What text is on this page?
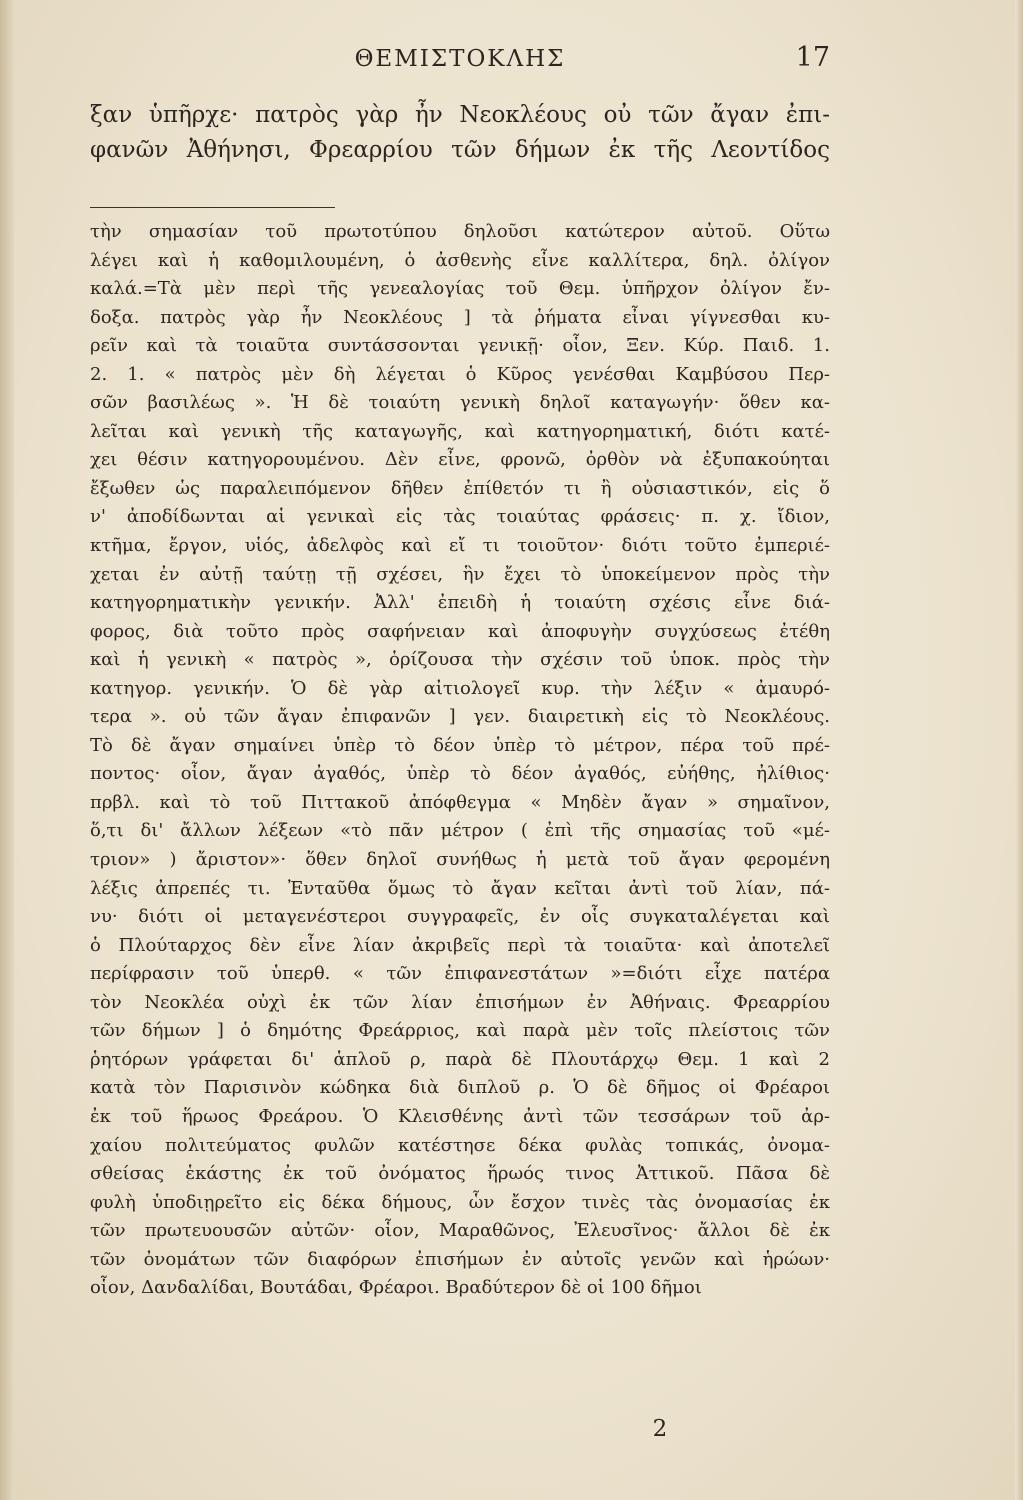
ΘΕΜΙΣΤΟΚΛΗΣ	17
ξαν ὑπῆρχε· πατρὸς γὰρ ἦν Νεοκλέους οὐ τῶν ἄγαν ἐπι-
φανῶν Ἀθήνησι, Φρεαρρίου τῶν δήμων ἐκ τῆς Λεοντίδος
τὴν σημασίαν τοῦ πρωτοτύπου δηλοῦσι κατώτερον αὐτοῦ. Οὕτω
λέγει καὶ ἡ καθομιλουμένη, ὁ ἀσθενὴς εἶνε καλλίτερα, δηλ. ὀλίγον
καλά.=Τὰ μὲν περὶ τῆς γενεαλογίας τοῦ Θεμ. ὑπῆρχον ὀλίγον ἔν-
δοξα. πατρὸς γὰρ ἦν Νεοκλέους ] τὰ ῥήματα εἶναι γίγνεσθαι κυ-
ρεῖν καὶ τὰ τοιαῦτα συντάσσονται γενικῇ· οἷον, Ξεν. Κύρ. Παιδ. 1.
2. 1. « πατρὸς μὲν δὴ λέγεται ὁ Κῦρος γενέσθαι Καμβύσου Περ-
σῶν βασιλέως ». Ἡ δὲ τοιαύτη γενικὴ δηλοῖ καταγωγήν· ὅθεν κα-
λεῖται καὶ γενικὴ τῆς καταγωγῆς, καὶ κατηγορηματική, διότι κατέ-
χει θέσιν κατηγορουμένου. Δὲν εἶνε, φρονῶ, ὀρθὸν νὰ ἐξυπακούηται
ἔξωθεν ὡς παραλειπόμενον δῆθεν ἐπίθετόν τι ἢ οὐσιαστικόν, εἰς ὅ
ν' ἀποδίδωνται αἱ γενικαὶ εἰς τὰς τοιαύτας φράσεις· π. χ. ἴδιον,
κτῆμα, ἔργον, υἱός, ἀδελφὸς καὶ εἴ τι τοιοῦτον· διότι τοῦτο ἐμπεριέ-
χεται ἐν αὐτῇ ταύτῃ τῇ σχέσει, ἣν ἔχει τὸ ὑποκείμενον πρὸς τὴν
κατηγορηματικὴν γενικήν. Ἀλλ' ἐπειδὴ ἡ τοιαύτη σχέσις εἶνε διά-
φορος, διὰ τοῦτο πρὸς σαφήνειαν καὶ ἀποφυγὴν συγχύσεως ἐτέθη
καὶ ἡ γενικὴ « πατρὸς », ὁρίζουσα τὴν σχέσιν τοῦ ὑποκ. πρὸς τὴν
κατηγορ. γενικήν. Ὁ δὲ γὰρ αἰτιολογεῖ κυρ. τὴν λέξιν « ἀμαυρό-
τερα ». οὐ τῶν ἄγαν ἐπιφανῶν ] γεν. διαιρετικὴ εἰς τὸ Νεοκλέους.
Τὸ δὲ ἄγαν σημαίνει ὑπὲρ τὸ δέον ὑπὲρ τὸ μέτρον, πέρα τοῦ πρέ-
ποντος· οἷον, ἄγαν ἀγαθός, ὑπὲρ τὸ δέον ἀγαθός, εὐήθης, ἠλίθιος·
πρβλ. καὶ τὸ τοῦ Πιττακοῦ ἀπόφθεγμα « Μηδὲν ἄγαν » σημαῖνον,
ὅ,τι δι' ἄλλων λέξεων «τὸ πᾶν μέτρον ( ἐπὶ τῆς σημασίας τοῦ «μέ-
τριον» ) ἄριστον»· ὅθεν δηλοῖ συνήθως ἡ μετὰ τοῦ ἄγαν φερομένη
λέξις ἀπρεπές τι. Ἐνταῦθα ὅμως τὸ ἄγαν κεῖται ἀντὶ τοῦ λίαν, πά-
νυ· διότι οἱ μεταγενέστεροι συγγραφεῖς, ἐν οἷς συγκαταλέγεται καὶ
ὁ Πλούταρχος δὲν εἶνε λίαν ἀκριβεῖς περὶ τὰ τοιαῦτα· καὶ ἀποτελεῖ
περίφρασιν τοῦ ὑπερθ. « τῶν ἐπιφανεστάτων »=διότι εἶχε πατέρα
τὸν Νεοκλέα οὐχὶ ἐκ τῶν λίαν ἐπισήμων ἐν Ἀθήναις. Φρεαρρίου
τῶν δήμων ] ὁ δημότης Φρεάρριος, καὶ παρὰ μὲν τοῖς πλείστοις τῶν
ῥητόρων γράφεται δι' ἁπλοῦ ρ, παρὰ δὲ Πλουτάρχῳ Θεμ. 1 καὶ 2
κατὰ τὸν Παρισινὸν κώδηκα διὰ διπλοῦ ρ. Ὁ δὲ δῆμος οἱ Φρέαροι
ἐκ τοῦ ἥρωος Φρεάρου. Ὁ Κλεισθένης ἀντὶ τῶν τεσσάρων τοῦ ἀρ-
χαίου πολιτεύματος φυλῶν κατέστησε δέκα φυλὰς τοπικάς, ὀνομα-
σθείσας ἑκάστης ἐκ τοῦ ὀνόματος ἥρωός τινος Ἀττικοῦ. Πᾶσα δὲ
φυλὴ ὑποδιῃρεῖτο εἰς δέκα δήμους, ὧν ἔσχον τινὲς τὰς ὀνομασίας ἐκ
τῶν πρωτευουσῶν αὐτῶν· οἷον, Μαραθῶνος, Ἐλευσῖνος· ἄλλοι δὲ ἐκ
τῶν ὀνομάτων τῶν διαφόρων ἐπισήμων ἐν αὐτοῖς γενῶν καὶ ἡρώων·
οἷον, Δανδαλίδαι, Βουτάδαι, Φρέαροι. Βραδύτερον δὲ οἱ 100 δῆμοι
2
